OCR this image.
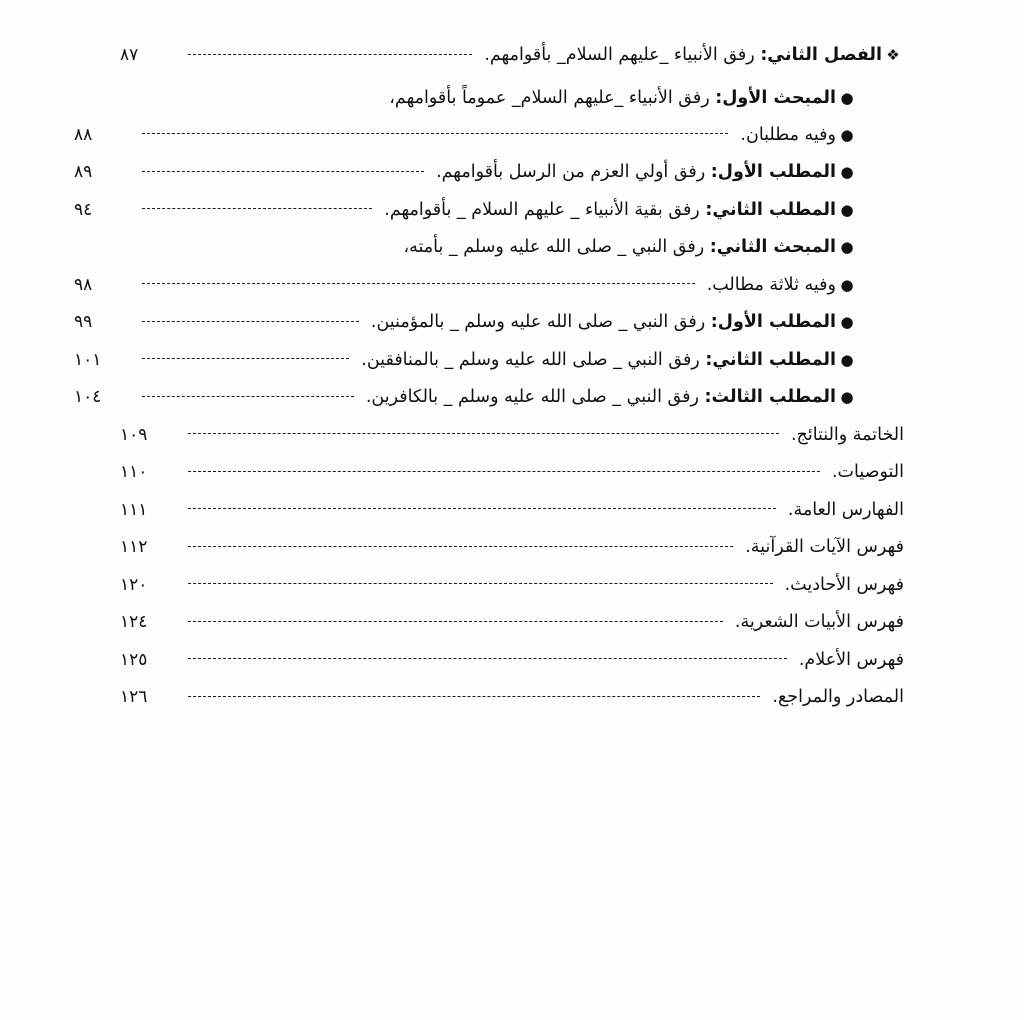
❖
الفصل الثاني: رفق الأنبياء _عليهم السلام_ بأقوامهم.
٨٧
●
المبحث الأول: رفق الأنبياء _عليهم السلام_ عموماً بأقوامهم،
●
وفيه مطلبان.
٨٨
●
المطلب الأول: رفق أولي العزم من الرسل بأقوامهم.
٨٩
●
المطلب الثاني: رفق بقية الأنبياء _ عليهم السلام _ بأقوامهم.
٩٤
●
المبحث الثاني: رفق النبي _ صلى الله عليه وسلم _ بأمته،
●
وفيه ثلاثة مطالب.
٩٨
●
المطلب الأول: رفق النبي _ صلى الله عليه وسلم _ بالمؤمنين.
٩٩
●
المطلب الثاني: رفق النبي _ صلى الله عليه وسلم _ بالمنافقين.
١٠١
●
المطلب الثالث: رفق النبي _ صلى الله عليه وسلم _ بالكافرين.
١٠٤
الخاتمة والنتائج.
١٠٩
التوصيات.
١١٠
الفهارس العامة.
١١١
فهرس الآيات القرآنية.
١١٢
فهرس الأحاديث.
١٢٠
فهرس الأبيات الشعرية.
١٢٤
فهرس الأعلام.
١٢٥
المصادر والمراجع.
١٢٦
